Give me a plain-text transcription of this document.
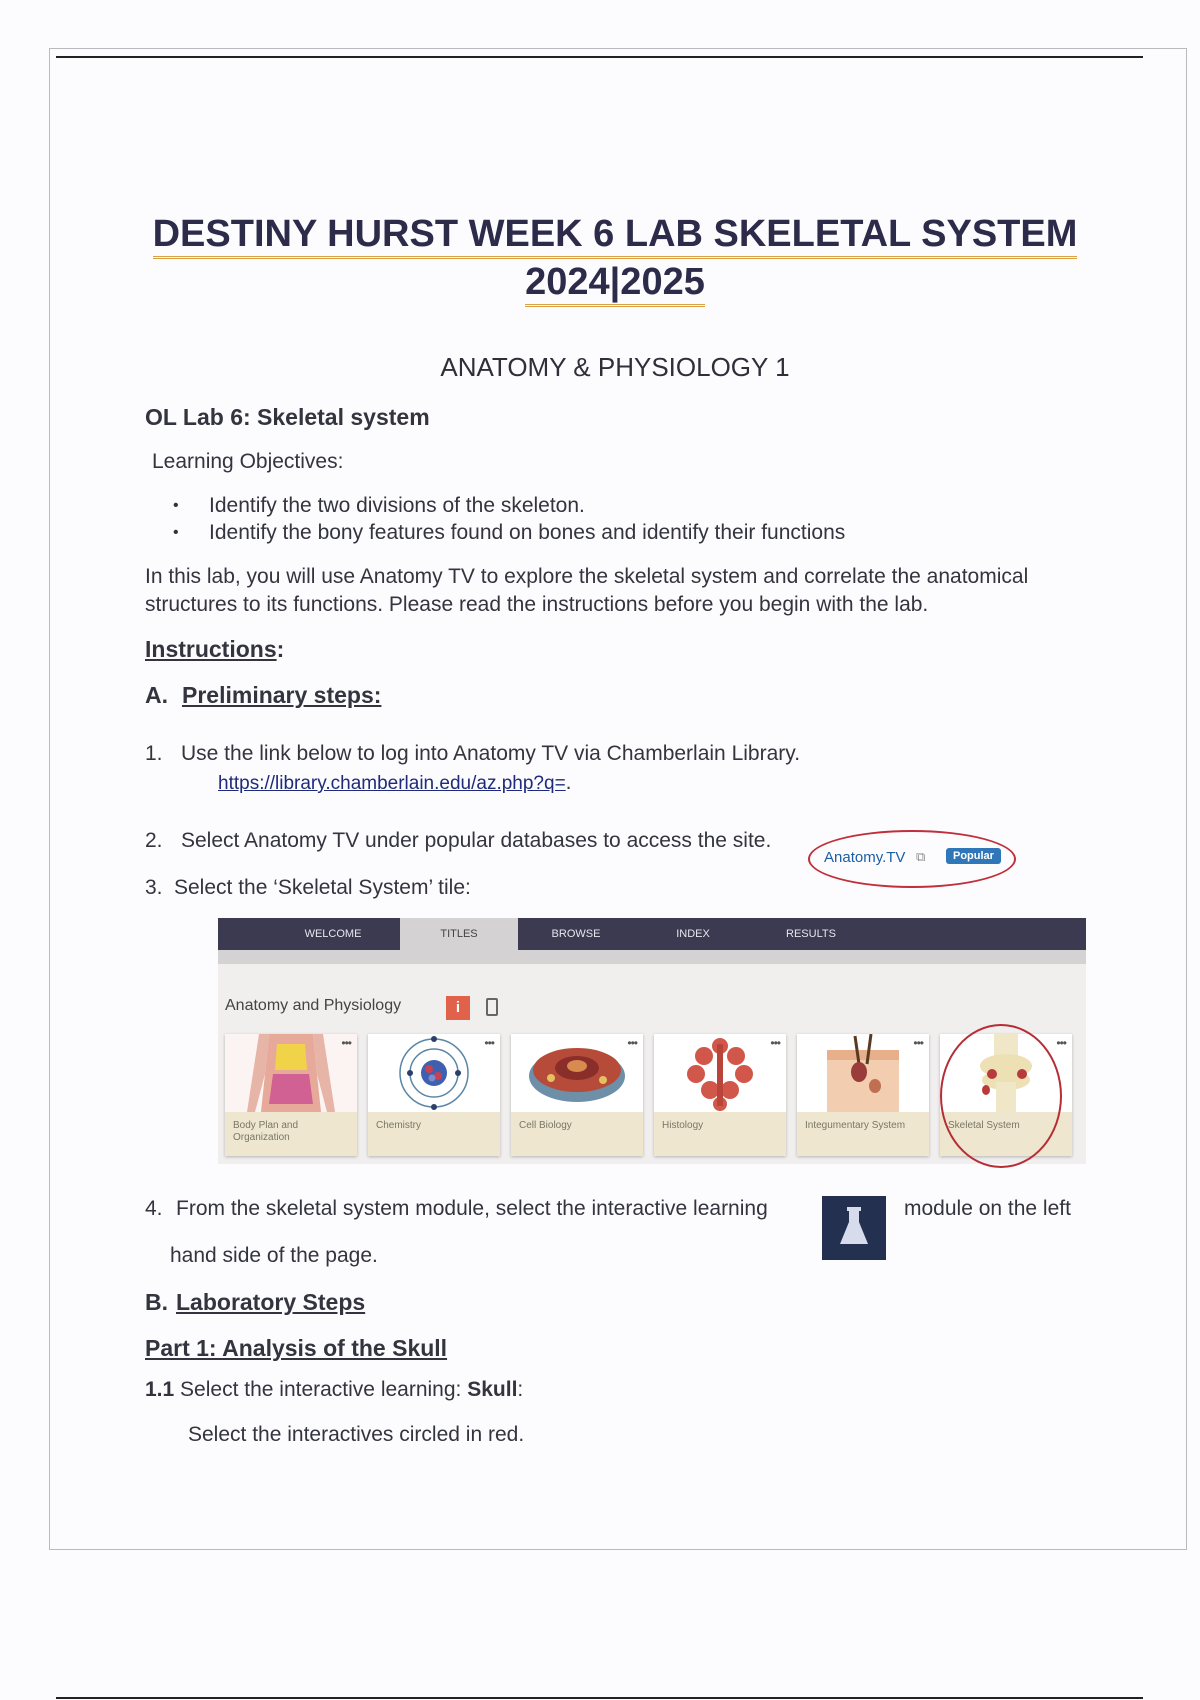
DESTINY HURST WEEK 6 LAB SKELETAL SYSTEM
2024|2025
ANATOMY & PHYSIOLOGY 1
OL Lab 6: Skeletal system
Learning Objectives:
• Identify the two divisions of the skeleton.
• Identify the bony features found on bones and identify their functions
In this lab, you will use Anatomy TV to explore the skeletal system and correlate the anatomical
structures to its functions. Please read the instructions before you begin with the lab.
Instructions:
A. Preliminary steps:
1. Use the link below to log into Anatomy TV via Chamberlain Library.
https://library.chamberlain.edu/az.php?q=.
2. Select Anatomy TV under popular databases to access the site.
Anatomy.TV ⧉	Popular
3. Select the ‘Skeletal System’ tile:
WELCOME	TITLES	BROWSE	INDEX	RESULTS
Anatomy and Physiology	i
•••
Body Plan and Organization
•••
Chemistry
•••
Cell Biology
•••
Histology
•••
Integumentary System
•••
Skeletal System
4. From the skeletal system module, select the interactive learning	module on the left
hand side of the page.
B. Laboratory Steps
Part 1: Analysis of the Skull
1.1 Select the interactive learning: Skull:
Select the interactives circled in red.
